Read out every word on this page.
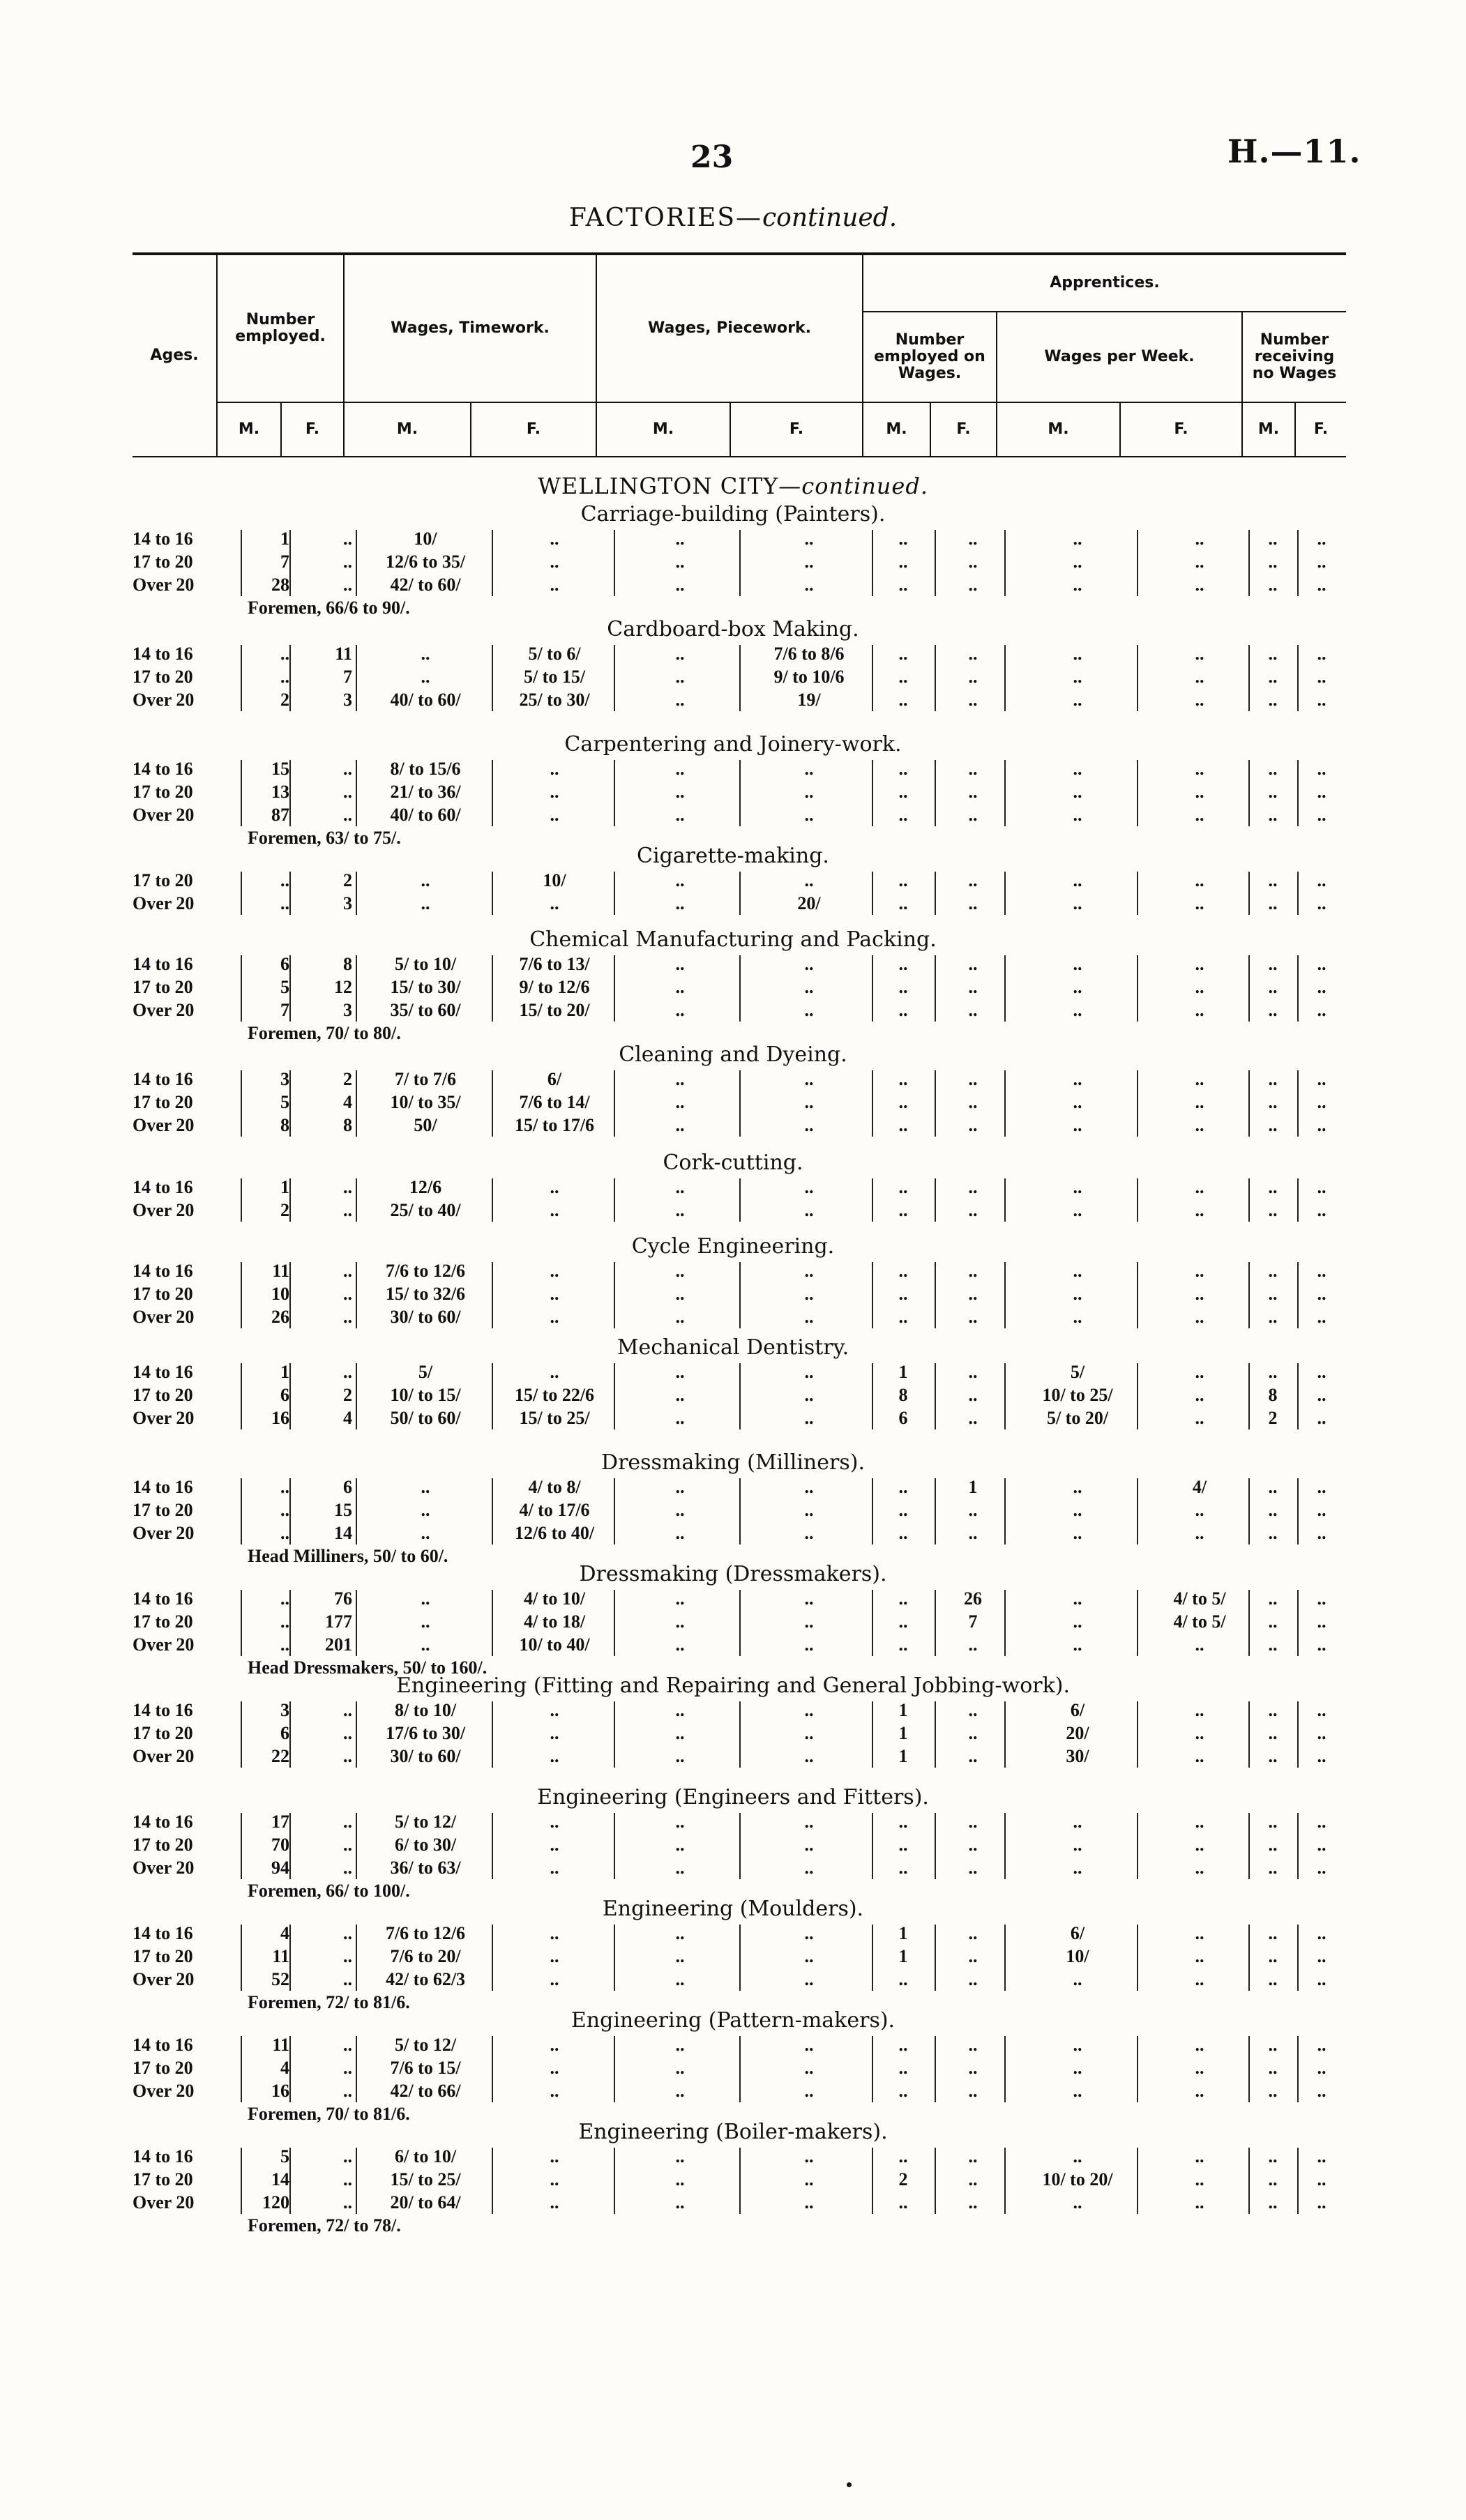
23	H.—11.
FACTORIES—continued.
Ages.
Number employed.	Wages, Timework.	Wages, Piecework.
Apprentices.
Number employed on Wages.
Wages per Week.
Number receiving no Wages
M.	F.	M.	F.	M.	F.	M.	F.	M.	F.	M.	F.
WELLINGTON CITY—continued.
Carriage-building (Painters).
14 to 16	1	..	10/	..	..	..	..	..	..	..	..	..
17 to 20	7	..	12/6 to 35/	..	..	..	..	..	..	..	..	..
Over 20	28	..	42/ to 60/	..	..	..	..	..	..	..	..	..
Foremen, 66/6 to 90/.
Cardboard-box Making.
14 to 16	..	11	..	5/ to 6/	..	7/6 to 8/6	..	..	..	..	..	..
17 to 20	..	7	..	5/ to 15/	..	9/ to 10/6	..	..	..	..	..	..
Over 20	2	3	40/ to 60/	25/ to 30/	..	19/	..	..	..	..	..	..
Carpentering and Joinery-work.
14 to 16	15	..	8/ to 15/6	..	..	..	..	..	..	..	..	..
17 to 20	13	..	21/ to 36/	..	..	..	..	..	..	..	..	..
Over 20	87	..	40/ to 60/	..	..	..	..	..	..	..	..	..
Foremen, 63/ to 75/.
Cigarette-making.
17 to 20	..	2	..	10/	..	..	..	..	..	..	..	..
Over 20	..	3	..	..	..	20/	..	..	..	..	..	..
Chemical Manufacturing and Packing.
14 to 16	6	8	5/ to 10/	7/6 to 13/	..	..	..	..	..	..	..	..
17 to 20	5	12	15/ to 30/	9/ to 12/6	..	..	..	..	..	..	..	..
Over 20	7	3	35/ to 60/	15/ to 20/	..	..	..	..	..	..	..	..
Foremen, 70/ to 80/.
Cleaning and Dyeing.
14 to 16	3	2	7/ to 7/6	6/	..	..	..	..	..	..	..	..
17 to 20	5	4	10/ to 35/	7/6 to 14/	..	..	..	..	..	..	..	..
Over 20	8	8	50/	15/ to 17/6	..	..	..	..	..	..	..	..
Cork-cutting.
14 to 16	1	..	12/6	..	..	..	..	..	..	..	..	..
Over 20	2	..	25/ to 40/	..	..	..	..	..	..	..	..	..
Cycle Engineering.
14 to 16	11	..	7/6 to 12/6	..	..	..	..	..	..	..	..	..
17 to 20	10	..	15/ to 32/6	..	..	..	..	..	..	..	..	..
Over 20	26	..	30/ to 60/	..	..	..	..	..	..	..	..	..
Mechanical Dentistry.
14 to 16	1	..	5/	..	..	..	1	..	5/	..	..	..
17 to 20	6	2	10/ to 15/	15/ to 22/6	..	..	8	..	10/ to 25/	..	8	..
Over 20	16	4	50/ to 60/	15/ to 25/	..	..	6	..	5/ to 20/	..	2	..
Dressmaking (Milliners).
14 to 16	..	6	..	4/ to 8/	..	..	..	1	..	4/	..	..
17 to 20	..	15	..	4/ to 17/6	..	..	..	..	..	..	..	..
Over 20	..	14	..	12/6 to 40/	..	..	..	..	..	..	..	..
Head Milliners, 50/ to 60/.
Dressmaking (Dressmakers).
14 to 16	..	76	..	4/ to 10/	..	..	..	26	..	4/ to 5/	..	..
17 to 20	..	177	..	4/ to 18/	..	..	..	7	..	4/ to 5/	..	..
Over 20	..	201	..	10/ to 40/	..	..	..	..	..	..	..	..
Head Dressmakers, 50/ to 160/.
Engineering (Fitting and Repairing and General Jobbing-work).
14 to 16	3	..	8/ to 10/	..	..	..	1	..	6/	..	..	..
17 to 20	6	..	17/6 to 30/	..	..	..	1	..	20/	..	..	..
Over 20	22	..	30/ to 60/	..	..	..	1	..	30/	..	..	..
Engineering (Engineers and Fitters).
14 to 16	17	..	5/ to 12/	..	..	..	..	..	..	..	..	..
17 to 20	70	..	6/ to 30/	..	..	..	..	..	..	..	..	..
Over 20	94	..	36/ to 63/	..	..	..	..	..	..	..	..	..
Foremen, 66/ to 100/.
Engineering (Moulders).
14 to 16	4	..	7/6 to 12/6	..	..	..	1	..	6/	..	..	..
17 to 20	11	..	7/6 to 20/	..	..	..	1	..	10/	..	..	..
Over 20	52	..	42/ to 62/3	..	..	..	..	..	..	..	..	..
Foremen, 72/ to 81/6.
Engineering (Pattern-makers).
14 to 16	11	..	5/ to 12/	..	..	..	..	..	..	..	..	..
17 to 20	4	..	7/6 to 15/	..	..	..	..	..	..	..	..	..
Over 20	16	..	42/ to 66/	..	..	..	..	..	..	..	..	..
Foremen, 70/ to 81/6.
Engineering (Boiler-makers).
14 to 16	5	..	6/ to 10/	..	..	..	..	..	..	..	..	..
17 to 20	14	..	15/ to 25/	..	..	..	2	..	10/ to 20/	..	..	..
Over 20	120	..	20/ to 64/	..	..	..	..	..	..	..	..	..
Foremen, 72/ to 78/.
